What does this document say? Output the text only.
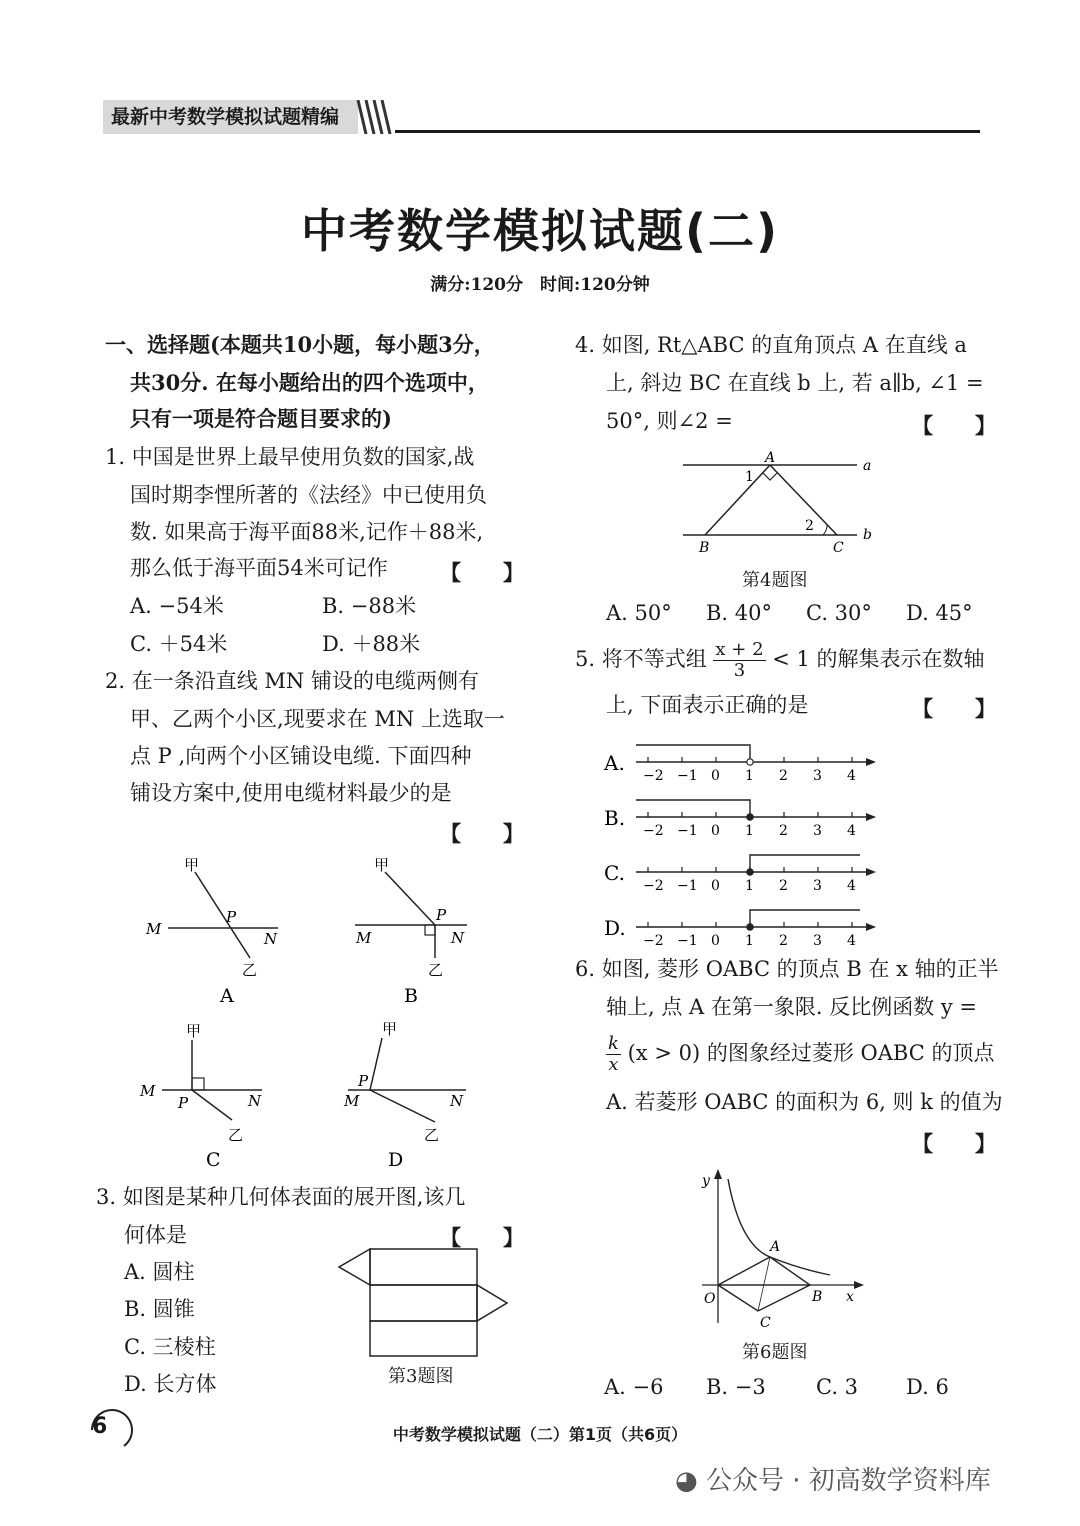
最新中考数学模拟试题精编
中考数学模拟试题(二)
满分:120分　时间:120分钟
一、选择题(本题共10小题，每小题3分，
共30分. 在每小题给出的四个选项中，
只有一项是符合题目要求的)
1. 中国是世界上最早使用负数的国家,战
国时期李悝所著的《法经》中已使用负
数. 如果高于海平面88米,记作＋88米,
那么低于海平面54米可记作 【　　】
A. −54米	B. −88米
C. ＋54米	D. ＋88米
2. 在一条沿直线 MN 铺设的电缆两侧有
甲、乙两个小区,现要求在 MN 上选取一
点 P ,向两个小区铺设电缆. 下面四种
铺设方案中,使用电缆材料最少的是
【　　】
甲
M
P
N
乙
A
甲
M
P
N
乙
B
甲
M
P	N
乙
C
甲
M
P
N
乙
D
3. 如图是某种几何体表面的展开图,该几
何体是	【　　】
A. 圆柱
B. 圆锥
C. 三棱柱
D. 长方体	第3题图
4. 如图, Rt△ABC 的直角顶点 A 在直线 a
上, 斜边 BC 在直线 b 上, 若 a∥b, ∠1 =
50°, 则∠2 =	【　　】
A	a
1
2
b
B	C
第4题图
A. 50° B. 40° C. 30° D. 45°
5. 将不等式组 $\frac{x + 2}{3} < 1$ 的解集表示在数轴
上, 下面表示正确的是	【　　】
A.
−2 −1 0 1 2 3 4
B.
−2 −1 0 1 2 3 4
C.
−2 −1 0 1 2 3 4
D.
−2 −1 0 1 2 3 4
6. 如图, 菱形 OABC 的顶点 B 在 x 轴的正半
轴上, 点 A 在第一象限. 反比例函数 y =
$\frac{k}{x} (x > 0)$ 的图象经过菱形 OABC 的顶点
A. 若菱形 OABC 的面积为 6, 则 k 的值为
【　　】
y
x
O
A
B
C
第6题图
A. −6 B. −3 C. 3 D. 6
6	中考数学模拟试题（二）第1页（共6页）
◕ 公众号 · 初高数学资料库
